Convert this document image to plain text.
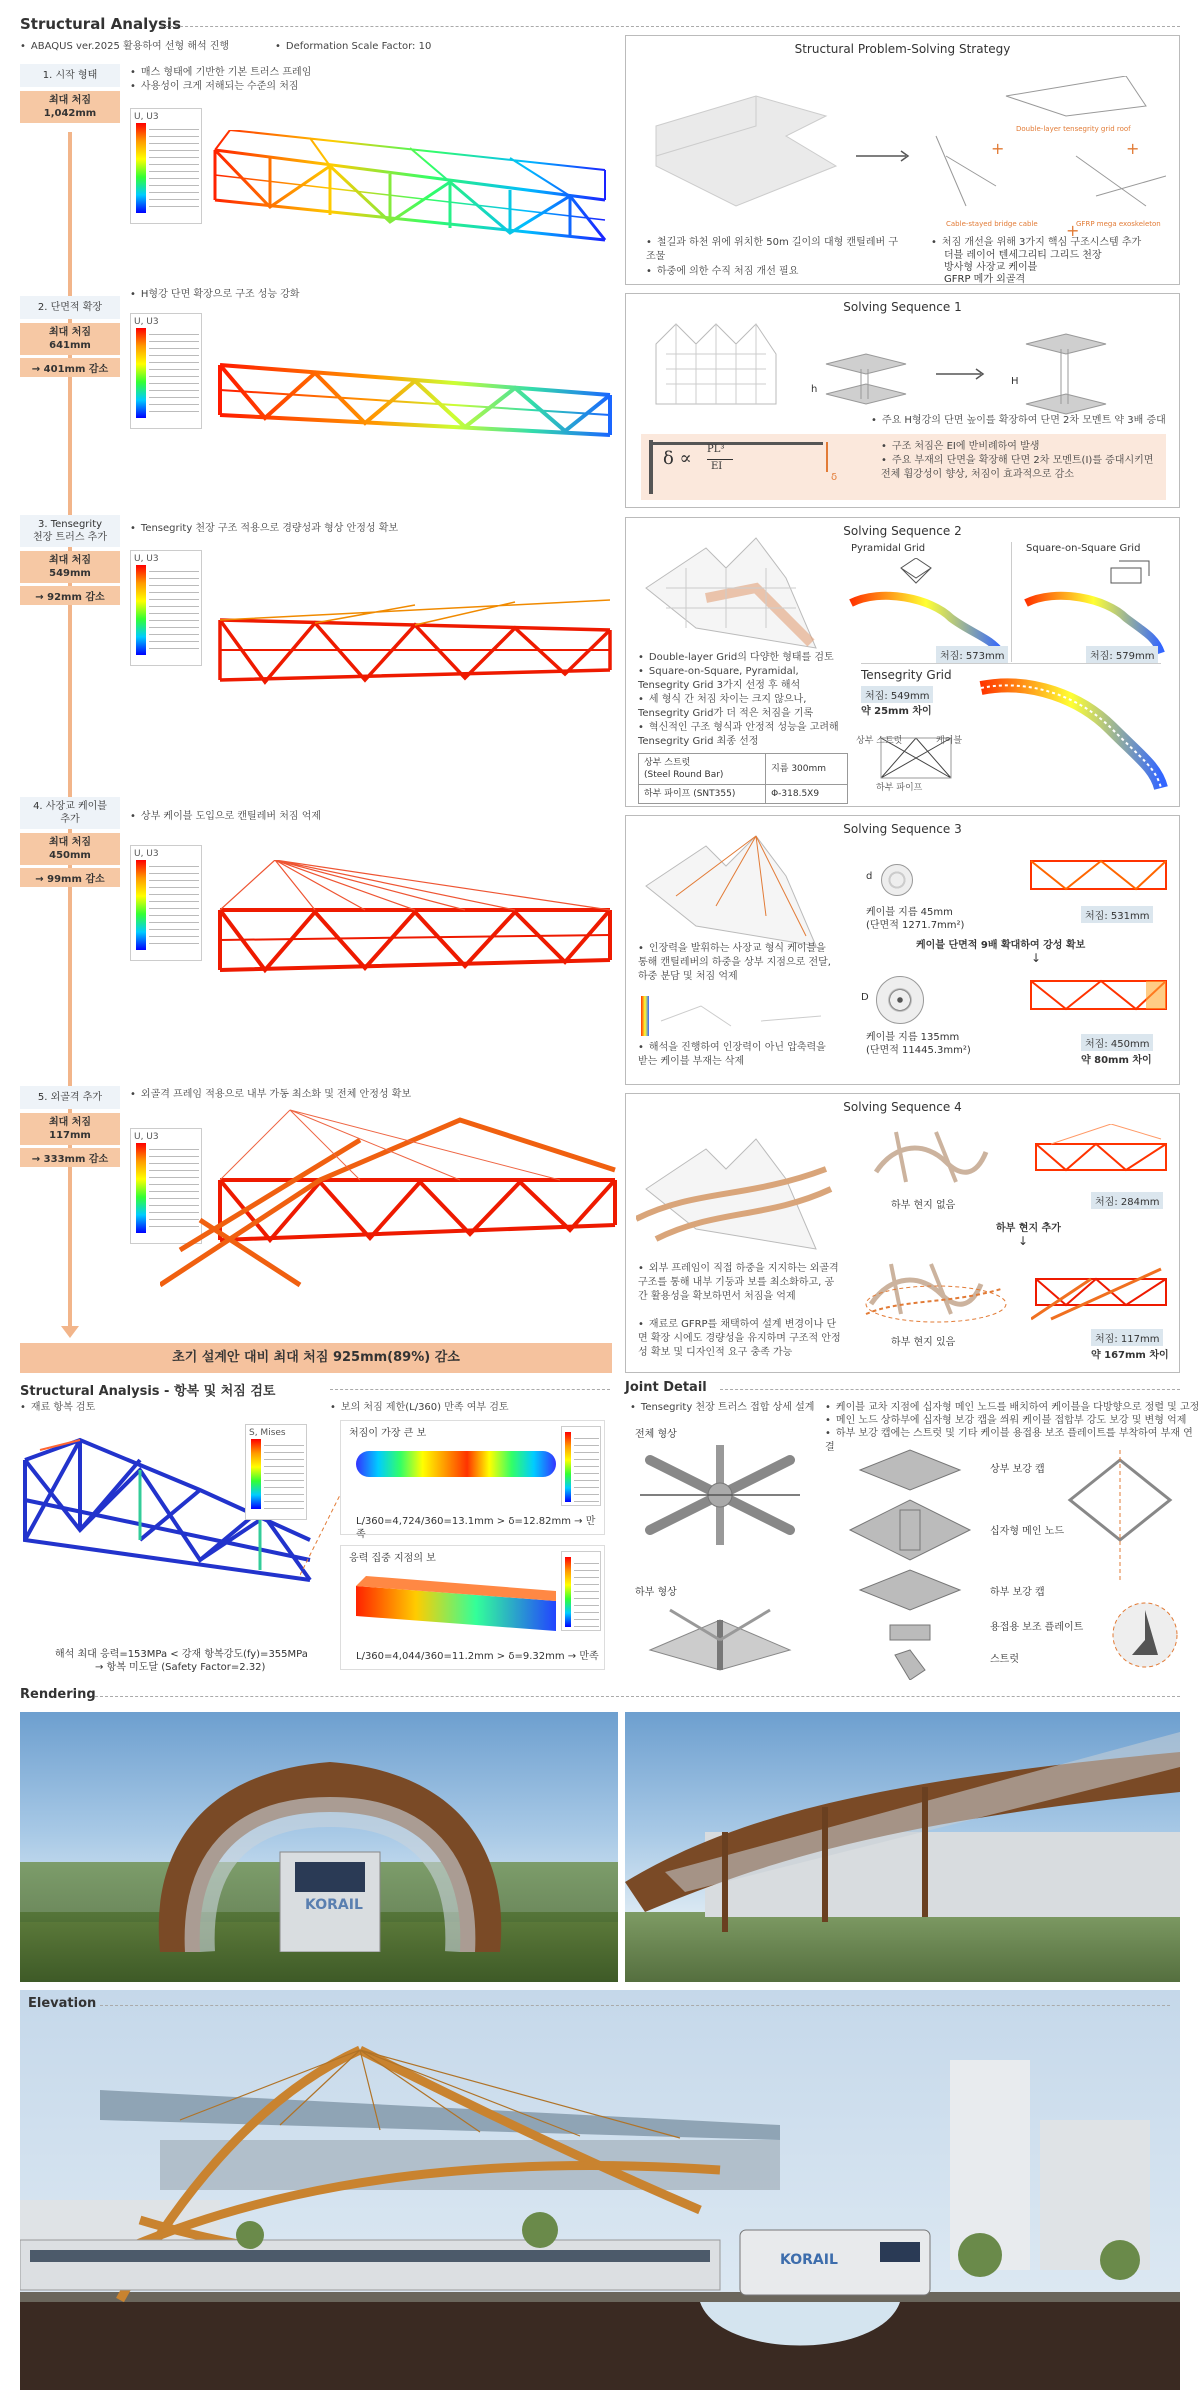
Structural Analysis
• ABAQUS ver.2025 활용하여 선형 해석 진행	• Deformation Scale Factor: 10
1. 시작 형태
최대 처짐
1,042mm
• 매스 형태에 기반한 기본 트러스 프레임
• 사용성이 크게 저해되는 수준의 처짐
U, U3
2. 단면적 확장
최대 처짐
641mm
→ 401mm 감소
• H형강 단면 확장으로 구조 성능 강화
U, U3
3. Tensegrity
천장 트러스 추가
최대 처짐
549mm
→ 92mm 감소
• Tensegrity 천장 구조 적용으로 경량성과 형상 안정성 확보
U, U3
4. 사장교 케이블
추가
최대 처짐
450mm
→ 99mm 감소
• 상부 케이블 도입으로 캔틸레버 처짐 억제
U, U3
5. 외골격 추가
최대 처짐
117mm
→ 333mm 감소
• 외골격 프레임 적용으로 내부 가동 최소화 및 전체 안정성 확보
U, U3
초기 설계안 대비 최대 처짐 925mm(89%) 감소
Structural Problem-Solving Strategy
Double-layer tensegrity grid roof
Cable-stayed bridge cable	GFRP mega exoskeleton
+	+
+
• 철길과 하천 위에 위치한 50m 길이의 대형 캔틸레버 구조물
• 하중에 의한 수직 처짐 개선 필요
• 처짐 개선을 위해 3가지 핵심 구조시스템 추가
더블 레이어 텐세그리티 그리드 천장
방사형 사장교 케이블
GFRP 메가 외골격
Solving Sequence 1
h
H
• 주요 H형강의 단면 높이를 확장하여 단면 2차 모멘트 약 3배 증대
δ ∝ PL³
EI
δ
• 구조 처짐은 EI에 반비례하여 발생
• 주요 부재의 단면을 확장해 단면 2차 모멘트(I)를 증대시키면 전체 휨강성이 향상, 처짐이 효과적으로 감소
Solving Sequence 2
Pyramidal Grid	Square-on-Square Grid
처짐: 573mm	처짐: 579mm
Tensegrity Grid
처짐: 549mm
약 25mm 차이
상부 스트럿	케이블
하부 파이프
• Double-layer Grid의 다양한 형태를 검토
• Square-on-Square, Pyramidal, Tensegrity Grid 3가지 선정 후 해석
• 세 형식 간 처짐 차이는 크지 않으나, Tensegrity Grid가 더 적은 처짐을 기록
• 혁신적인 구조 형식과 안정적 성능을 고려해 Tensegrity Grid 최종 선정
상부 스트럿
(Steel Round Bar)	지름 300mm
하부 파이프 (SNT355)	Φ-318.5X9
Solving Sequence 3
• 인장력을 발휘하는 사장교 형식 케이블을 통해 캔틸레버의 하중을 상부 지점으로 전달, 하중 분담 및 처짐 억제
• 해석을 진행하여 인장력이 아닌 압축력을 받는 케이블 부재는 삭제
d
케이블 지름 45mm
(단면적 1271.7mm²)
처짐: 531mm
케이블 단면적 9배 확대하여 강성 확보
↓
D
케이블 지름 135mm
(단면적 11445.3mm²)
처짐: 450mm
약 80mm 차이
Solving Sequence 4
• 외부 프레임이 직접 하중을 지지하는 외골격 구조를 통해 내부 기둥과 보를 최소화하고, 공간 활용성을 확보하면서 처짐을 억제
• 재료로 GFRP를 채택하여 설계 변경이나 단면 확장 시에도 경량성을 유지하며 구조적 안정성 확보 및 디자인적 요구 충족 가능
하부 현지 없음	처짐: 284mm
하부 현지 추가
↓
하부 현지 있음	처짐: 117mm
약 167mm 차이
Structural Analysis - 항복 및 처짐 검토
• 재료 항복 검토	• 보의 처짐 제한(L/360) 만족 여부 검토
S, Mises
해석 최대 응력=153MPa < 강재 항복강도(fy)=355MPa
→ 항복 미도달 (Safety Factor=2.32)
처짐이 가장 큰 보
L/360=4,724/360=13.1mm > δ=12.82mm → 만족
응력 집중 지점의 보
L/360=4,044/360=11.2mm > δ=9.32mm → 만족
Joint Detail
• Tensegrity 천장 트러스 접합 상세 설계	• 케이블 교차 지점에 십자형 메인 노드를 배치하여 케이블을 다방향으로 정렬 및 고정
• 메인 노드 상하부에 십자형 보강 캡을 씌워 케이블 접합부 강도 보강 및 변형 억제
• 하부 보강 캡에는 스트럿 및 기타 케이블 용접용 보조 플레이트를 부착하여 부재 연결
전체 형상
하부 형상
상부 보강 캡
십자형 메인 노드
하부 보강 캡
용접용 보조 플레이트
스트럿
Rendering
KORAIL
Elevation
KORAIL
